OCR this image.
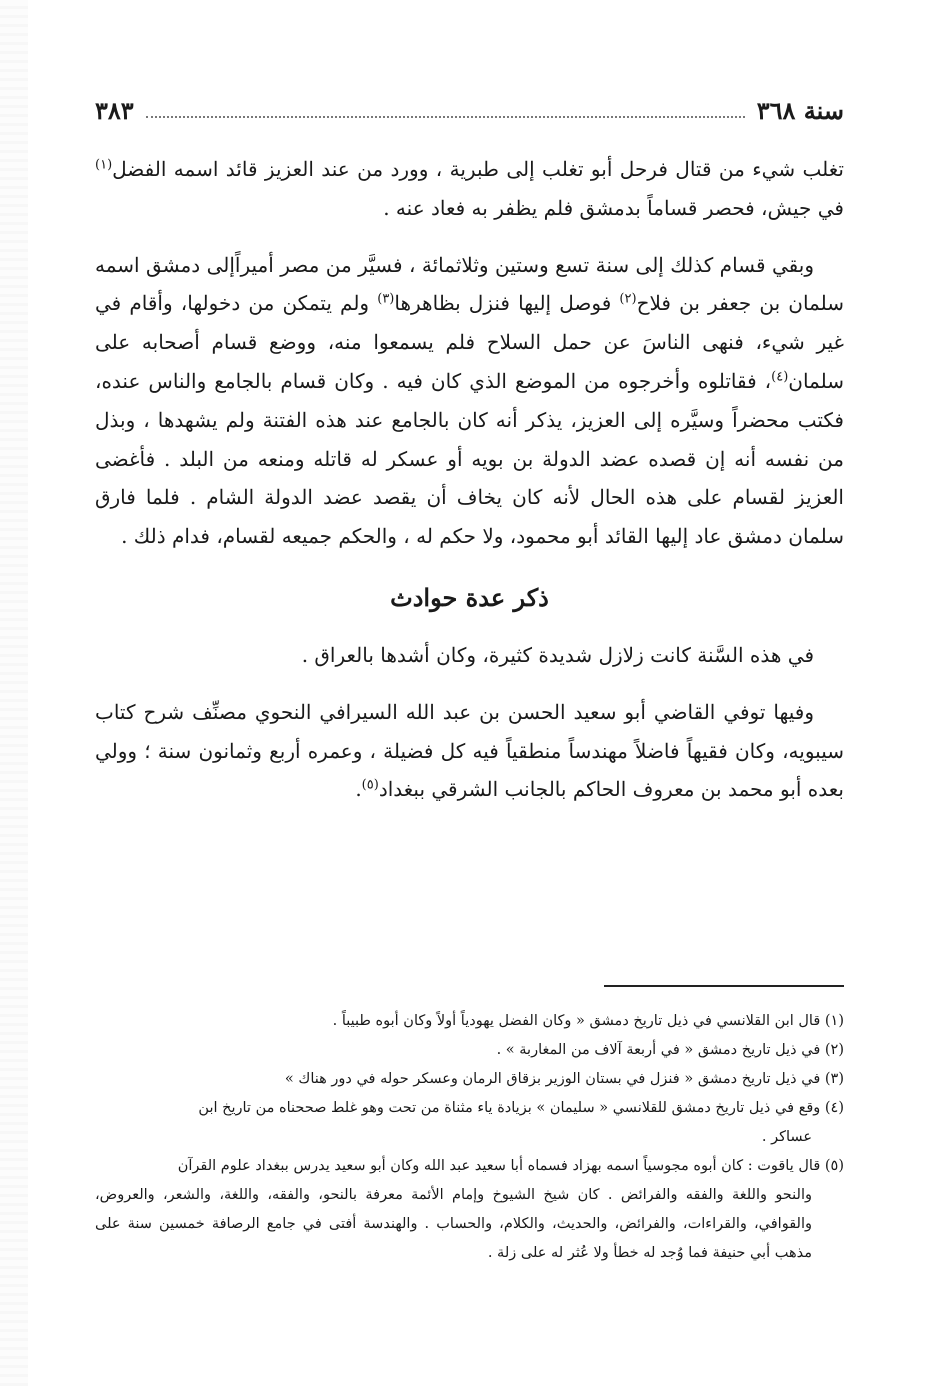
سنة ٣٦٨
٣٨٣

تغلب شيء من قتال فرحل أبو تغلب إلى طبرية ، وورد من عند العزيز قائد اسمه الفضل$^{(١)}$ في جيش، فحصر قساماً بدمشق فلم يظفر به فعاد عنه .

وبقي قسام كذلك إلى سنة تسع وستين وثلاثمائة ، فسيَّر من مصر أميراًإلى دمشق اسمه سلمان بن جعفر بن فلاح$^{(٢)}$ فوصل إليها فنزل بظاهرها$^{(٣)}$ ولم يتمكن من دخولها، وأقام في غير شيء، فنهى الناسَ عن حمل السلاح فلم يسمعوا منه، ووضع قسام أصحابه على سلمان$^{(٤)}$، فقاتلوه وأخرجوه من الموضع الذي كان فيه . وكان قسام بالجامع والناس عنده، فكتب محضراً وسيَّره إلى العزيز، يذكر أنه كان بالجامع عند هذه الفتنة ولم يشهدها ، وبذل من نفسه أنه إن قصده عضد الدولة بن بويه أو عسكر له قاتله ومنعه من البلد . فأغضى العزيز لقسام على هذه الحال لأنه كان يخاف أن يقصد عضد الدولة الشام . فلما فارق سلمان دمشق عاد إليها القائد أبو محمود، ولا حكم له ، والحكم جميعه لقسام، فدام ذلك .

ذكر عدة حوادث

في هذه السَّنة كانت زلازل شديدة كثيرة، وكان أشدها بالعراق .

وفيها توفي القاضي أبو سعيد الحسن بن عبد الله السيرافي النحوي مصنِّف شرح كتاب سيبويه، وكان فقيهاً فاضلاً مهندساً منطقياً فيه كل فضيلة ، وعمره أربع وثمانون سنة ؛ وولي بعده أبو محمد بن معروف الحاكم بالجانب الشرقي ببغداد$^{(٥)}$.

(١) قال ابن القلانسي في ذيل تاريخ دمشق « وكان الفضل يهودياً أولاً وكان أبوه طبيباً .

(٢) في ذيل تاريخ دمشق « في أربعة آلاف من المغاربة » .

(٣) في ذيل تاريخ دمشق « فنزل في بستان الوزير بزقاق الرمان وعسكر حوله في دور هناك »

(٤) وقع في ذيل تاريخ دمشق للقلانسي « سليمان » بزيادة ياء مثناة من تحت وهو غلط صححناه من تاريخ ابن

عساكر .

(٥) قال ياقوت : كان أبوه مجوسياً اسمه بهزاد فسماه أبا سعيد عبد الله وكان أبو سعيد يدرس ببغداد علوم القرآن

والنحو واللغة والفقه والفرائض . كان شيخ الشيوخ وإمام الأئمة معرفة بالنحو، والفقه، واللغة، والشعر، والعروض، والقوافي، والقراءات، والفرائض، والحديث، والكلام، والحساب . والهندسة أفتى في جامع الرصافة خمسين سنة على مذهب أبي حنيفة فما وُجد له خطأ ولا عُثر له على زلة .
